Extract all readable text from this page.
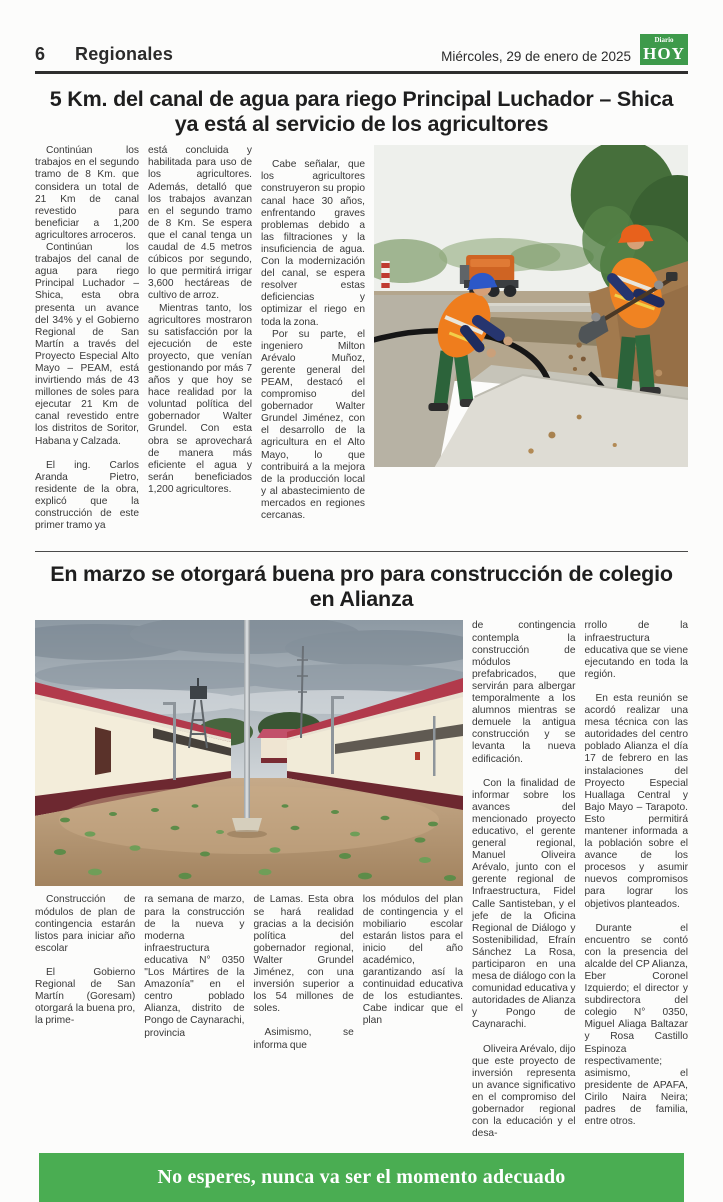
6 Regionales	Miércoles, 29 de enero de 2025
Diario
HOY
5 Km. del canal de agua para riego Principal Luchador – Shica ya está al servicio de los agricultores

Continúan los trabajos en el segundo tramo de 8 Km. que considera un total de 21 Km de canal revestido para beneficiar a 1,200 agricultores arroceros.

Continúan los trabajos del canal de agua para riego Principal Luchador – Shica, esta obra presenta un avance del 34% y el Gobierno Regional de San Martín a través del Proyecto Especial Alto Mayo – PEAM, está invirtiendo más de 43 millones de soles para ejecutar 21 Km de canal revestido entre los distritos de Soritor, Habana y Calzada.

El ing. Carlos Aranda Pietro, residente de la obra, explicó que la construcción de este primer tramo ya

está concluida y habilitada para uso de los agricultores. Además, detalló que los trabajos avanzan en el segundo tramo de 8 Km. Se espera que el canal tenga un caudal de 4.5 metros cúbicos por segundo, lo que permitirá irrigar 3,600 hectáreas de cultivo de arroz.

Mientras tanto, los agricultores mostraron su satisfacción por la ejecución de este proyecto, que venían gestionando por más 7 años y que hoy se hace realidad por la voluntad política del gobernador Walter Grundel. Con esta obra se aprovechará de manera más eficiente el agua y serán beneficiados 1,200 agricultores.

Cabe señalar, que los agricultores construyeron su propio canal hace 30 años, enfrentando graves problemas debido a las filtraciones y la insuficiencia de agua. Con la modernización del canal, se espera resolver estas deficiencias y optimizar el riego en toda la zona.

Por su parte, el ingeniero Milton Arévalo Muñoz, gerente general del PEAM, destacó el compromiso del gobernador Walter Grundel Jiménez, con el desarrollo de la agricultura en el Alto Mayo, lo que contribuirá a la mejora de la producción local y al abastecimiento de mercados en regiones cercanas.

En marzo se otorgará buena pro para construcción de colegio en Alianza

Construcción de módulos de plan de contingencia estarán listos para iniciar año escolar

El Gobierno Regional de San Martín (Goresam) otorgará la buena pro, la prime-

ra semana de marzo, para la construcción de la nueva y moderna infraestructura educativa N° 0350 "Los Mártires de la Amazonía" en el centro poblado Alianza, distrito de Pongo de Caynarachi, provincia

de Lamas. Esta obra se hará realidad gracias a la decisión política del gobernador regional, Walter Grundel Jiménez, con una inversión superior a los 54 millones de soles.

Asimismo, se informa que

los módulos del plan de contingencia y el mobiliario escolar estarán listos para el inicio del año académico, garantizando así la continuidad educativa de los estudiantes. Cabe indicar que el plan

de contingencia contempla la construcción de módulos prefabricados, que servirán para albergar temporalmente a los alumnos mientras se demuele la antigua construcción y se levanta la nueva edificación.

Con la finalidad de informar sobre los avances del mencionado proyecto educativo, el gerente general regional, Manuel Oliveira Arévalo, junto con el gerente regional de Infraestructura, Fidel Calle Santisteban, y el jefe de la Oficina Regional de Diálogo y Sostenibilidad, Efraín Sánchez La Rosa, participaron en una mesa de diálogo con la comunidad educativa y autoridades de Alianza y Pongo de Caynarachi.

Oliveira Arévalo, dijo que este proyecto de inversión representa un avance significativo en el compromiso del gobernador regional con la educación y el desa-

rrollo de la infraestructura educativa que se viene ejecutando en toda la región.

En esta reunión se acordó realizar una mesa técnica con las autoridades del centro poblado Alianza el día 17 de febrero en las instalaciones del Proyecto Especial Huallaga Central y Bajo Mayo – Tarapoto. Esto permitirá mantener informada a la población sobre el avance de los procesos y asumir nuevos compromisos para lograr los objetivos planteados.

Durante el encuentro se contó con la presencia del alcalde del CP Alianza, Eber Coronel Izquierdo; el director y subdirectora del colegio N° 0350, Miguel Aliaga Baltazar y Rosa Castillo Espinoza respectivamente; asimismo, el presidente de APAFA, Cirilo Naira Neira; padres de familia, entre otros.

No esperes, nunca va ser el momento adecuado
